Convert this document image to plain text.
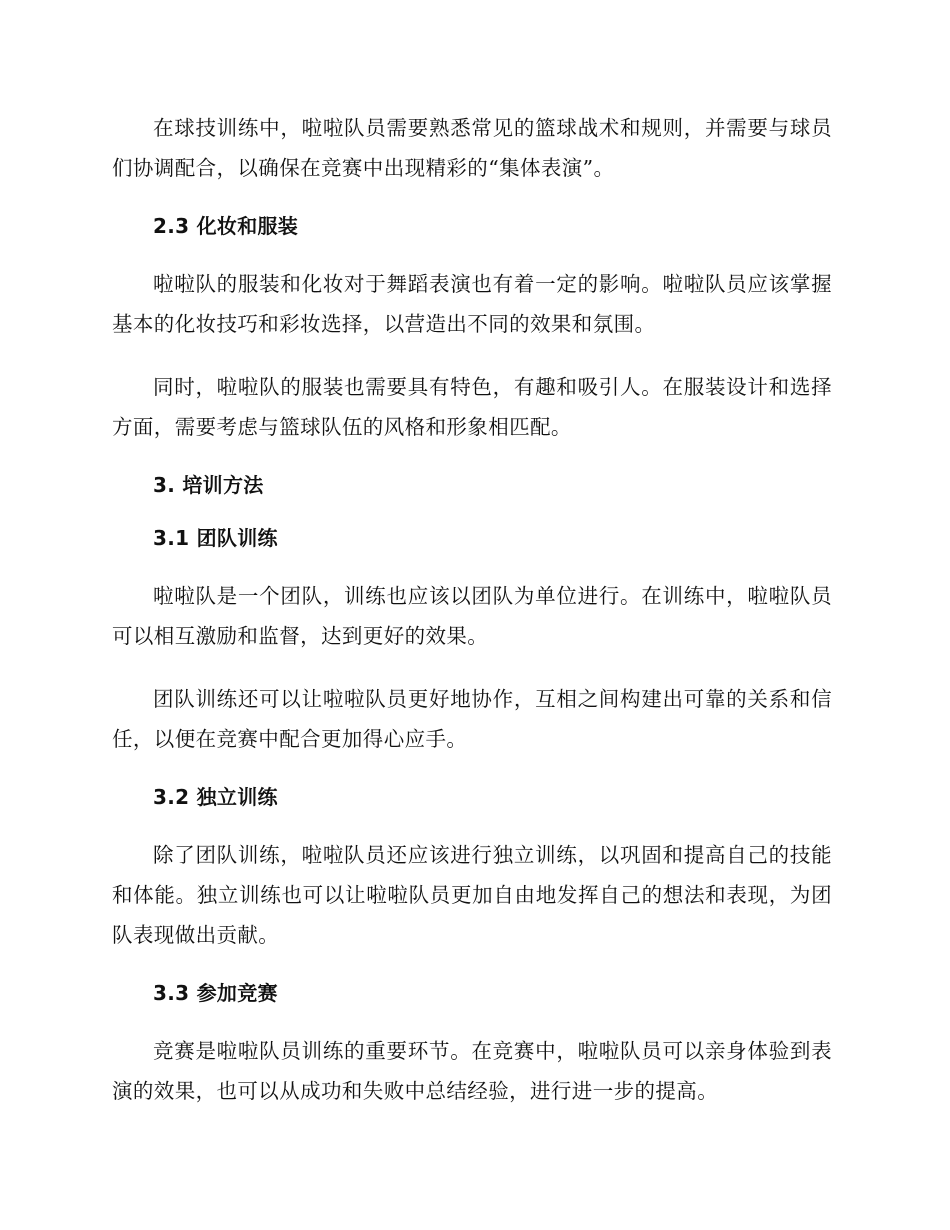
在球技训练中，啦啦队员需要熟悉常见的篮球战术和规则，并需要与球员们协调配合，以确保在竞赛中出现精彩的“集体表演”。

2.3 化妆和服装

啦啦队的服装和化妆对于舞蹈表演也有着一定的影响。啦啦队员应该掌握基本的化妆技巧和彩妆选择，以营造出不同的效果和氛围。

同时，啦啦队的服装也需要具有特色，有趣和吸引人。在服装设计和选择方面，需要考虑与篮球队伍的风格和形象相匹配。

3. 培训方法
3.1 团队训练

啦啦队是一个团队，训练也应该以团队为单位进行。在训练中，啦啦队员可以相互激励和监督，达到更好的效果。

团队训练还可以让啦啦队员更好地协作，互相之间构建出可靠的关系和信任，以便在竞赛中配合更加得心应手。

3.2 独立训练

除了团队训练，啦啦队员还应该进行独立训练，以巩固和提高自己的技能和体能。独立训练也可以让啦啦队员更加自由地发挥自己的想法和表现，为团队表现做出贡献。

3.3 参加竞赛

竞赛是啦啦队员训练的重要环节。在竞赛中，啦啦队员可以亲身体验到表演的效果，也可以从成功和失败中总结经验，进行进一步的提高。
